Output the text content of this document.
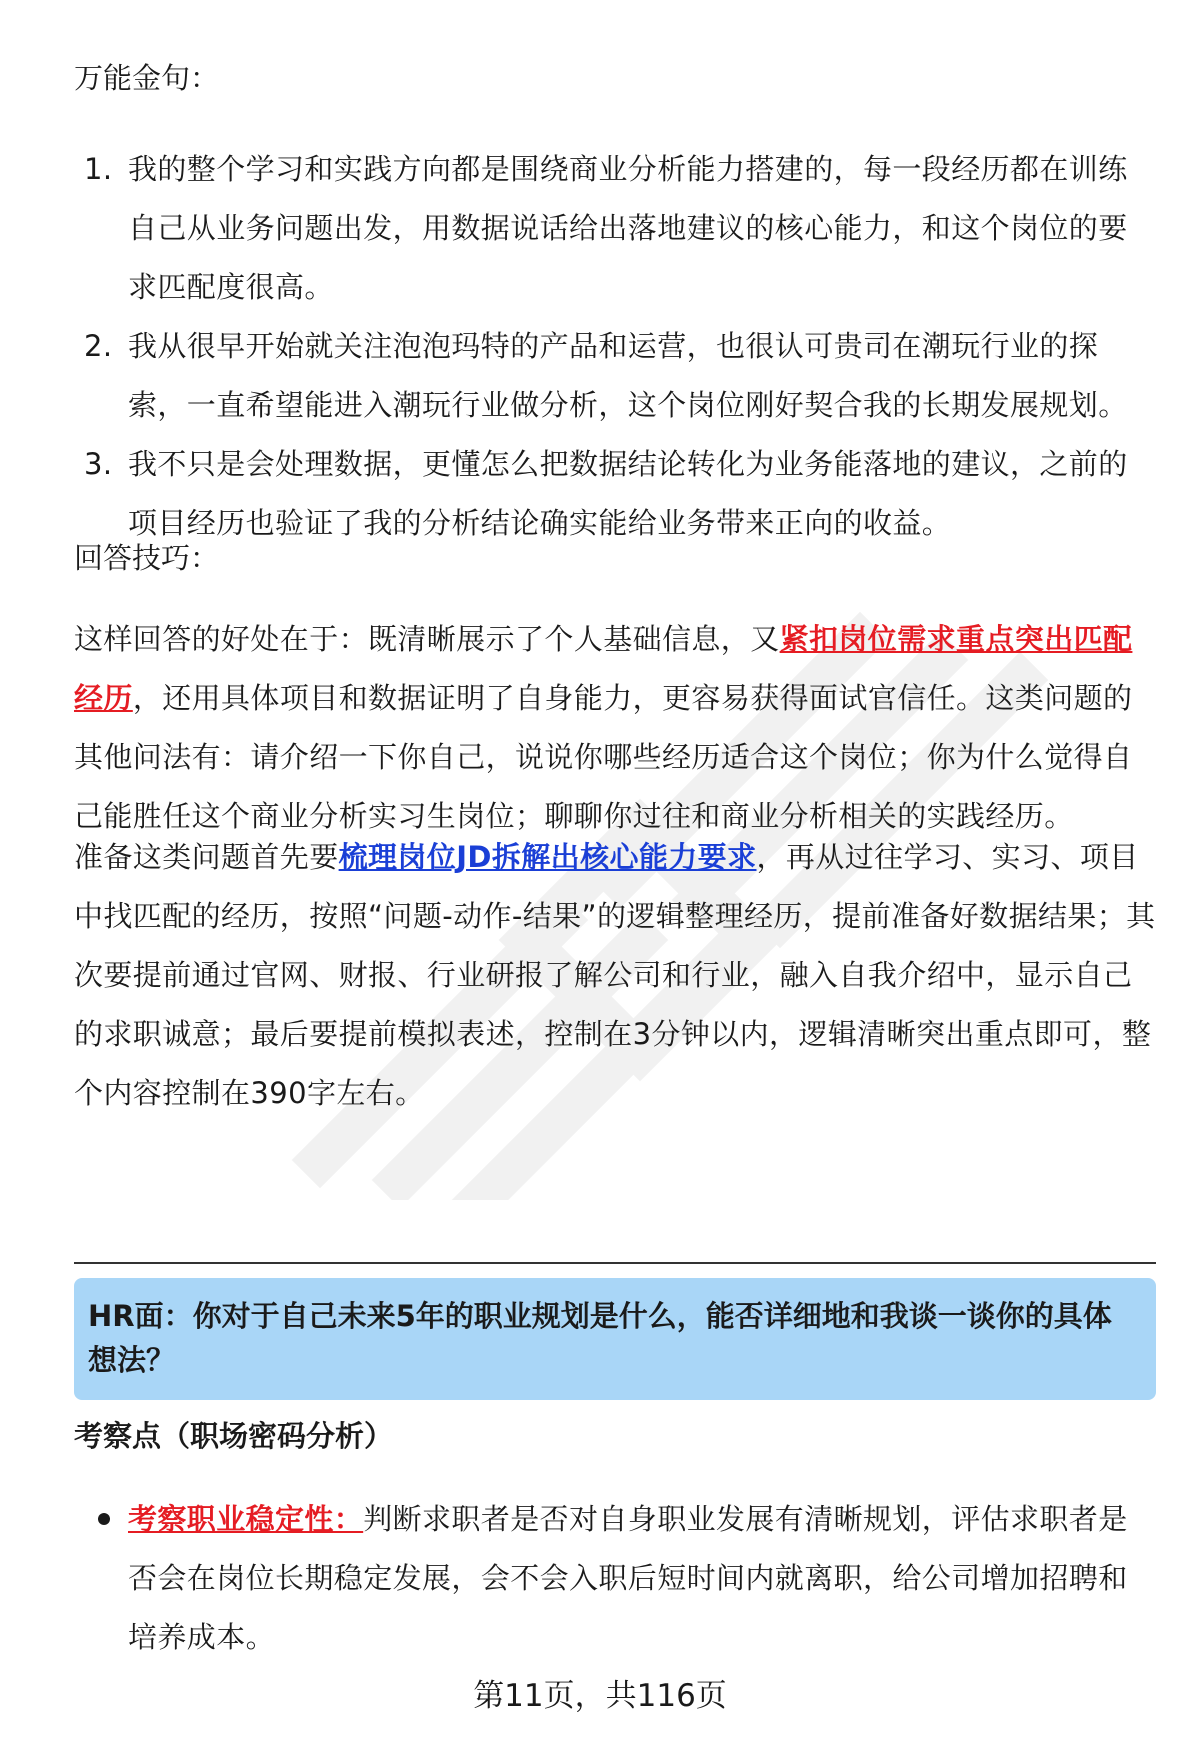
万能金句：
1. 我的整个学习和实践方向都是围绕商业分析能力搭建的，每一段经历都在训练自己从业务问题出发，用数据说话给出落地建议的核心能力，和这个岗位的要求匹配度很高。
2. 我从很早开始就关注泡泡玛特的产品和运营，也很认可贵司在潮玩行业的探索，一直希望能进入潮玩行业做分析，这个岗位刚好契合我的长期发展规划。
3. 我不只是会处理数据，更懂怎么把数据结论转化为业务能落地的建议，之前的项目经历也验证了我的分析结论确实能给业务带来正向的收益。
回答技巧：
这样回答的好处在于：既清晰展示了个人基础信息，又紧扣岗位需求重点突出匹配经历，还用具体项目和数据证明了自身能力，更容易获得面试官信任。这类问题的其他问法有：请介绍一下你自己，说说你哪些经历适合这个岗位；你为什么觉得自己能胜任这个商业分析实习生岗位；聊聊你过往和商业分析相关的实践经历。
准备这类问题首先要梳理岗位JD拆解出核心能力要求，再从过往学习、实习、项目中找匹配的经历，按照“问题-动作-结果”的逻辑整理经历，提前准备好数据结果；其次要提前通过官网、财报、行业研报了解公司和行业，融入自我介绍中，显示自己的求职诚意；最后要提前模拟表述，控制在3分钟以内，逻辑清晰突出重点即可，整个内容控制在390字左右。
HR面：你对于自己未来5年的职业规划是什么，能否详细地和我谈一谈你的具体想法？
考察点（职场密码分析）
考察职业稳定性：判断求职者是否对自身职业发展有清晰规划，评估求职者是否会在岗位长期稳定发展，会不会入职后短时间内就离职，给公司增加招聘和培养成本。
第11页，共116页
